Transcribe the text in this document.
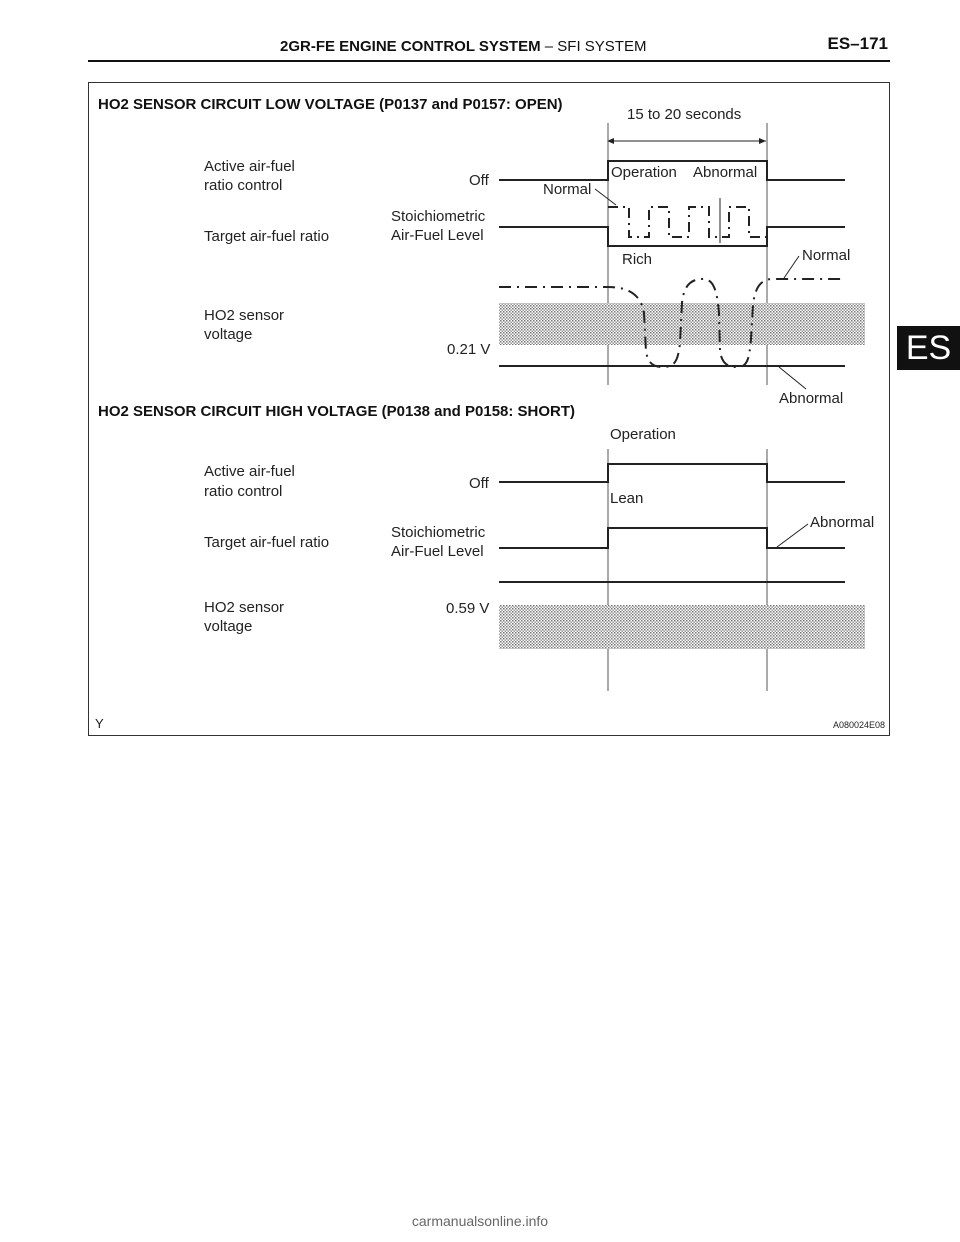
2GR-FE ENGINE CONTROL SYSTEM – SFI SYSTEM	ES–171
ES
HO2 SENSOR CIRCUIT LOW VOLTAGE (P0137 and P0157: OPEN)
15 to 20 seconds
Active air-fuel
ratio control	Off	Operation Abnormal
Normal
Target air-fuel ratio
Stoichiometric
Air-Fuel Level
Rich	Normal
HO2 sensor
voltage
0.21 V
Abnormal
HO2 SENSOR CIRCUIT HIGH VOLTAGE (P0138 and P0158: SHORT)
Operation
Active air-fuel
ratio control	Off
Lean
Target air-fuel ratio
Stoichiometric
Air-Fuel Level
Abnormal
HO2 sensor
voltage
0.59 V
Y	A080024E08
carmanualsonline.info
